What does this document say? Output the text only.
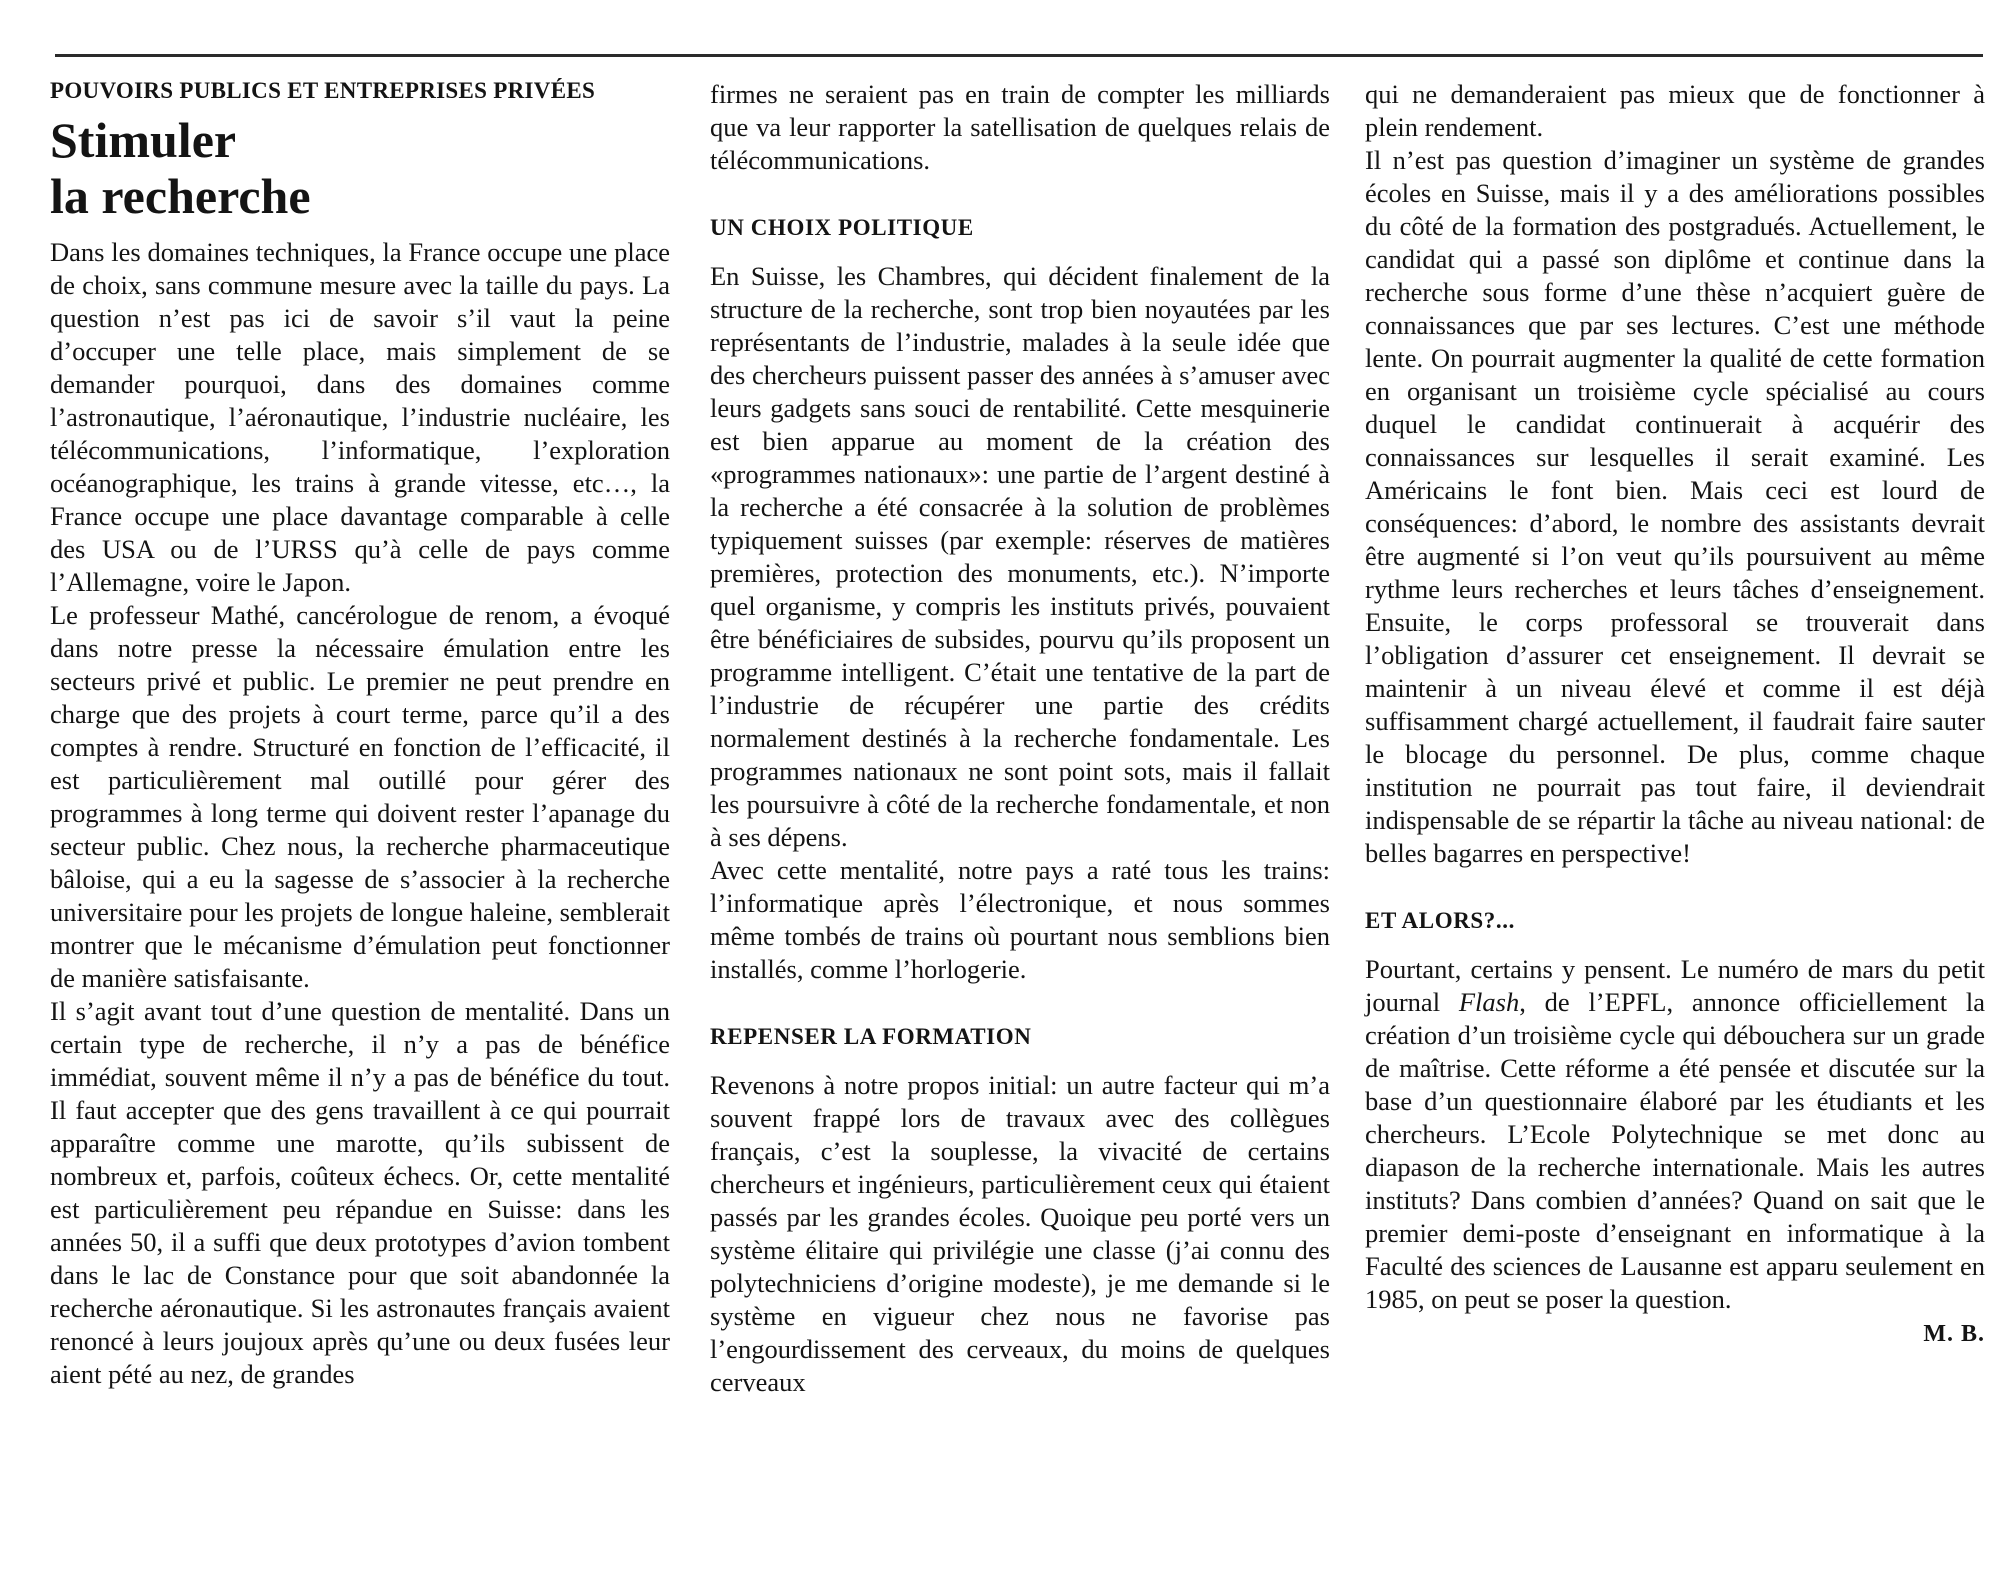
POUVOIRS PUBLICS ET ENTREPRISES PRIVÉES
Stimuler
la recherche

Dans les domaines techniques, la France occupe une place de choix, sans commune mesure avec la taille du pays. La question n’est pas ici de savoir s’il vaut la peine d’occuper une telle place, mais simplement de se demander pourquoi, dans des domaines comme l’astronautique, l’aéronautique, l’industrie nucléaire, les télécommunications, l’informatique, l’exploration océanographique, les trains à grande vitesse, etc…, la France occupe une place davantage comparable à celle des USA ou de l’URSS qu’à celle de pays comme l’Allemagne, voire le Japon.

Le professeur Mathé, cancérologue de renom, a évoqué dans notre presse la nécessaire émulation entre les secteurs privé et public. Le premier ne peut prendre en charge que des projets à court terme, parce qu’il a des comptes à rendre. Structuré en fonction de l’efficacité, il est particulièrement mal outillé pour gérer des programmes à long terme qui doivent rester l’apanage du secteur public. Chez nous, la recherche pharmaceutique bâloise, qui a eu la sagesse de s’associer à la recherche universitaire pour les projets de longue haleine, semblerait montrer que le mécanisme d’émulation peut fonctionner de manière satisfaisante.

Il s’agit avant tout d’une question de mentalité. Dans un certain type de recherche, il n’y a pas de bénéfice immédiat, souvent même il n’y a pas de bénéfice du tout. Il faut accepter que des gens travaillent à ce qui pourrait apparaître comme une marotte, qu’ils subissent de nombreux et, parfois, coûteux échecs. Or, cette mentalité est particulièrement peu répandue en Suisse: dans les années 50, il a suffi que deux prototypes d’avion tombent dans le lac de Constance pour que soit abandonnée la recherche aéronautique. Si les astronautes français avaient renoncé à leurs joujoux après qu’une ou deux fusées leur aient pété au nez, de grandes

firmes ne seraient pas en train de compter les milliards que va leur rapporter la satellisation de quelques relais de télécommunications.

UN CHOIX POLITIQUE

En Suisse, les Chambres, qui décident finalement de la structure de la recherche, sont trop bien noyautées par les représentants de l’industrie, malades à la seule idée que des chercheurs puissent passer des années à s’amuser avec leurs gadgets sans souci de rentabilité. Cette mesquinerie est bien apparue au moment de la création des «programmes nationaux»: une partie de l’argent destiné à la recherche a été consacrée à la solution de problèmes typiquement suisses (par exemple: réserves de matières premières, protection des monuments, etc.). N’importe quel organisme, y compris les instituts privés, pouvaient être bénéficiaires de subsides, pourvu qu’ils proposent un programme intelligent. C’était une tentative de la part de l’industrie de récupérer une partie des crédits normalement destinés à la recherche fondamentale. Les programmes nationaux ne sont point sots, mais il fallait les poursuivre à côté de la recherche fondamentale, et non à ses dépens.

Avec cette mentalité, notre pays a raté tous les trains: l’informatique après l’électronique, et nous sommes même tombés de trains où pourtant nous semblions bien installés, comme l’horlogerie.

REPENSER LA FORMATION

Revenons à notre propos initial: un autre facteur qui m’a souvent frappé lors de travaux avec des collègues français, c’est la souplesse, la vivacité de certains chercheurs et ingénieurs, particulièrement ceux qui étaient passés par les grandes écoles. Quoique peu porté vers un système élitaire qui privilégie une classe (j’ai connu des polytechniciens d’origine modeste), je me demande si le système en vigueur chez nous ne favorise pas l’engourdissement des cerveaux, du moins de quelques cerveaux

qui ne demanderaient pas mieux que de fonctionner à plein rendement.

Il n’est pas question d’imaginer un système de grandes écoles en Suisse, mais il y a des améliorations possibles du côté de la formation des postgradués. Actuellement, le candidat qui a passé son diplôme et continue dans la recherche sous forme d’une thèse n’acquiert guère de connaissances que par ses lectures. C’est une méthode lente. On pourrait augmenter la qualité de cette formation en organisant un troisième cycle spécialisé au cours duquel le candidat continuerait à acquérir des connaissances sur lesquelles il serait examiné. Les Américains le font bien. Mais ceci est lourd de conséquences: d’abord, le nombre des assistants devrait être augmenté si l’on veut qu’ils poursuivent au même rythme leurs recherches et leurs tâches d’enseignement. Ensuite, le corps professoral se trouverait dans l’obligation d’assurer cet enseignement. Il devrait se maintenir à un niveau élevé et comme il est déjà suffisamment chargé actuellement, il faudrait faire sauter le blocage du personnel. De plus, comme chaque institution ne pourrait pas tout faire, il deviendrait indispensable de se répartir la tâche au niveau national: de belles bagarres en perspective!

ET ALORS?...

Pourtant, certains y pensent. Le numéro de mars du petit journal Flash, de l’EPFL, annonce officiellement la création d’un troisième cycle qui débouchera sur un grade de maîtrise. Cette réforme a été pensée et discutée sur la base d’un questionnaire élaboré par les étudiants et les chercheurs. L’Ecole Polytechnique se met donc au diapason de la recherche internationale. Mais les autres instituts? Dans combien d’années? Quand on sait que le premier demi-poste d’enseignant en informatique à la Faculté des sciences de Lausanne est apparu seulement en 1985, on peut se poser la question.

M. B.
